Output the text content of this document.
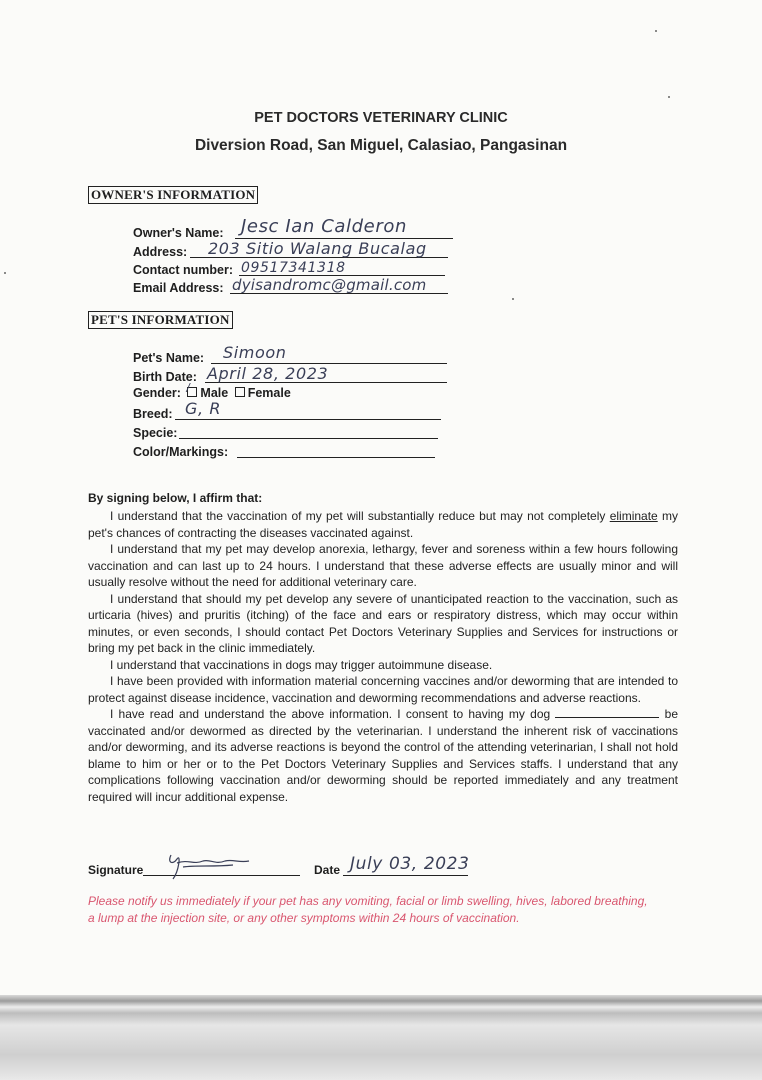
PET DOCTORS VETERINARY CLINIC
Diversion Road, San Miguel, Calasiao, Pangasinan
OWNER'S INFORMATION
Owner's Name: Jesc Ian Calderon
Address: 203 Sitio Walang Bucalag
Contact number: 09517341318
Email Address: dyisandromc@gmail.com
PET'S INFORMATION
Pet's Name: Simoon
Birth Date: April 28, 2023
Gender: / Male Female
Breed: G, R
Specie:
Color/Markings:
By signing below, I affirm that:

I understand that the vaccination of my pet will substantially reduce but may not completely eliminate my pet's chances of contracting the diseases vaccinated against.

I understand that my pet may develop anorexia, lethargy, fever and soreness within a few hours following vaccination and can last up to 24 hours. I understand that these adverse effects are usually minor and will usually resolve without the need for additional veterinary care.

I understand that should my pet develop any severe of unanticipated reaction to the vaccination, such as urticaria (hives) and pruritis (itching) of the face and ears or respiratory distress, which may occur within minutes, or even seconds, I should contact Pet Doctors Veterinary Supplies and Services for instructions or bring my pet back in the clinic immediately.

I understand that vaccinations in dogs may trigger autoimmune disease.

I have been provided with information material concerning vaccines and/or deworming that are intended to protect against disease incidence, vaccination and deworming recommendations and adverse reactions.

I have read and understand the above information. I consent to having my dog	be vaccinated and/or dewormed as directed by the veterinarian. I understand the inherent risk of vaccinations and/or deworming, and its adverse reactions is beyond the control of the attending veterinarian, I shall not hold blame to him or her or to the Pet Doctors Veterinary Supplies and Services staffs. I understand that any complications following vaccination and/or deworming should be reported immediately and any treatment required will incur additional expense.

Signature	Date July 03, 2023
Please notify us immediately if your pet has any vomiting, facial or limb swelling, hives, labored breathing, a lump at the injection site, or any other symptoms within 24 hours of vaccination.
